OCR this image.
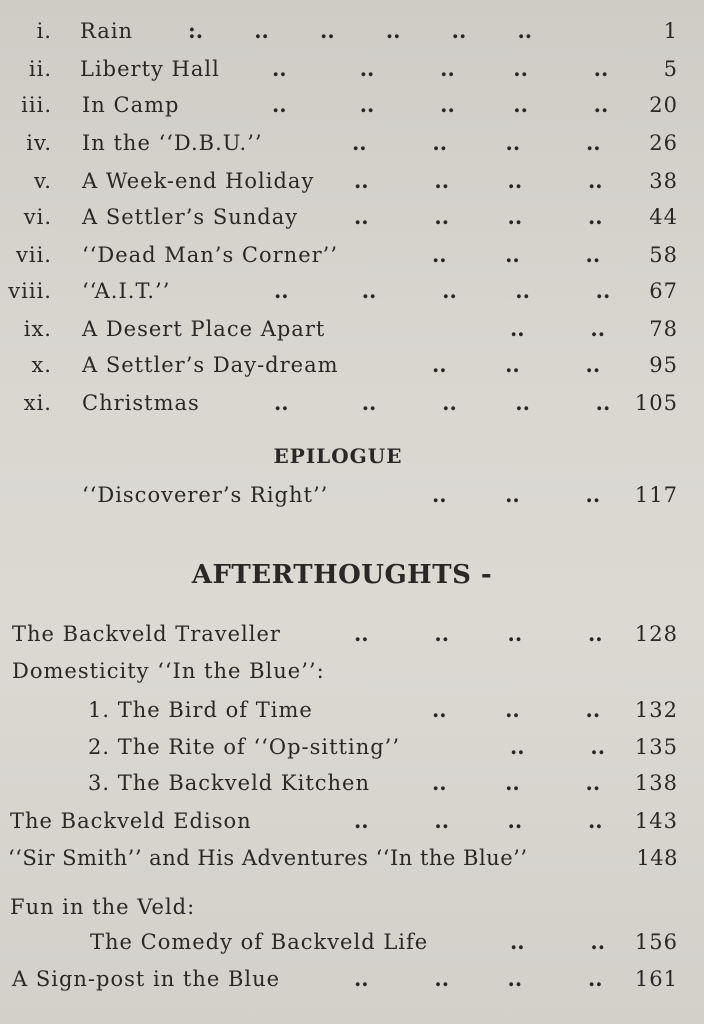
i. Rain	:.       ..       ..       ..       ..       ..	1
ii. Liberty Hall ..          ..         ..        ..         ..	5
iii. In Camp	..          ..         ..        ..         .. 20
iv. In the ‘‘D.B.U.’’	..         ..        ..         .. 26
v. A Week-end Holiday ..         ..        ..         .. 38
vi. A Settler’s Sunday	..         ..        ..         .. 44
vii. ‘‘Dead Man’s Corner’’	..        ..         .. 58
viii. ‘‘A.I.T.’’	..          ..         ..        ..         .. 67
ix. A Desert Place Apart	..         .. 78
x. A Settler’s Day-dream	..        ..         .. 95
xi. Christmas	..          ..         ..        ..         .. 105
EPILOGUE
‘‘Discoverer’s Right’’	..        ..         .. 117
AFTERTHOUGHTS -
The Backveld Traveller	..         ..        ..         .. 128
Domesticity ‘‘In the Blue’’:
1. The Bird of Time	..        ..         .. 132
2. The Rite of ‘‘Op-sitting’’	..         .. 135
3. The Backveld Kitchen	..        ..         .. 138
The Backveld Edison	..         ..        ..         .. 143
‘‘Sir Smith’’ and His Adventures ‘‘In the Blue’’	148
Fun in the Veld:
The Comedy of Backveld Life	..         .. 156
A Sign-post in the Blue	..         ..        ..         .. 161
